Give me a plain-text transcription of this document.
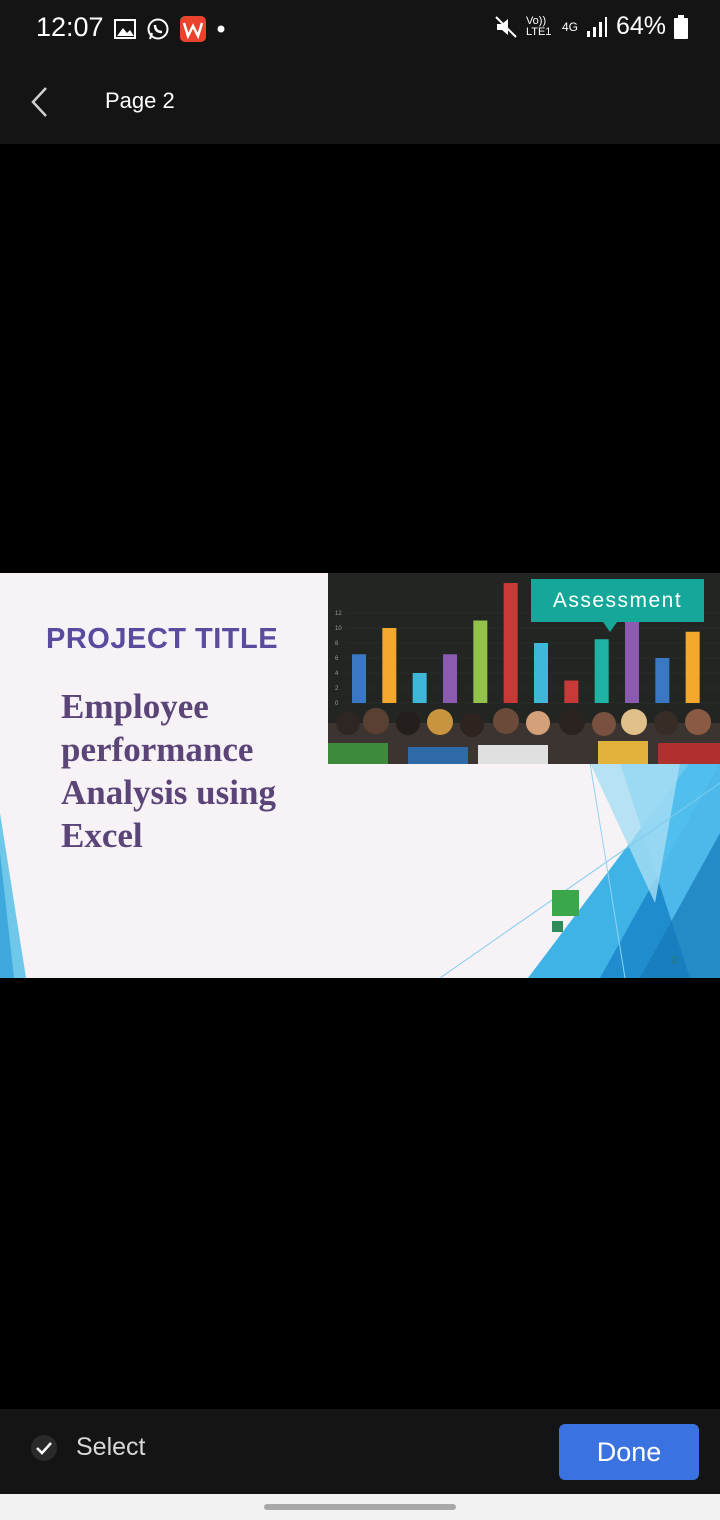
12:07	Vo)) LTE1 4G 64%
Page 2
PROJECT TITLE
Employee performance Analysis using Excel
12
10
8
6
4
2
0
Assessment
2
Select	Done
